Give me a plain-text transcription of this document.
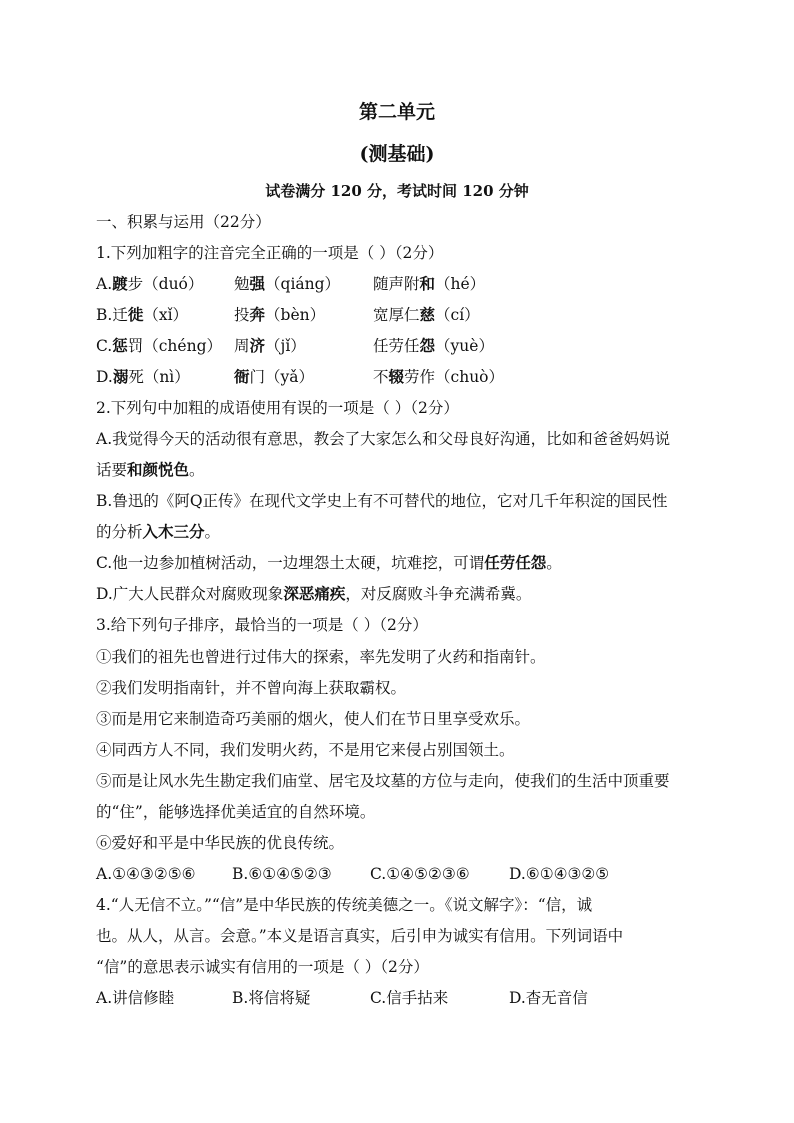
第二单元
(测基础)
试卷满分 120 分，考试时间 120 分钟
一、积累与运用（22分）
1.下列加粗字的注音完全正确的一项是（ ）（2分）
A.踱步（duó） 勉强（qiáng） 随声附和（hé）
B.迁徙（xǐ）	投奔（bèn）	宽厚仁慈（cí）
C.惩罚（chéng） 周济（jǐ）	任劳任怨（yuè）
D.溺死（nì）	衙门（yǎ）	不辍劳作（chuò）
2.下列句中加粗的成语使用有误的一项是（ ）（2分）
A.我觉得今天的活动很有意思，教会了大家怎么和父母良好沟通，比如和爸爸妈妈说
话要和颜悦色。
B.鲁迅的《阿Q正传》在现代文学史上有不可替代的地位，它对几千年积淀的国民性
的分析入木三分。
C.他一边参加植树活动，一边埋怨土太硬，坑难挖，可谓任劳任怨。
D.广大人民群众对腐败现象深恶痛疾，对反腐败斗争充满希冀。
3.给下列句子排序，最恰当的一项是（ ）（2分）
①我们的祖先也曾进行过伟大的探索，率先发明了火药和指南针。
②我们发明指南针，并不曾向海上获取霸权。
③而是用它来制造奇巧美丽的烟火，使人们在节日里享受欢乐。
④同西方人不同，我们发明火药，不是用它来侵占别国领土。
⑤而是让风水先生勘定我们庙堂、居宅及坟墓的方位与走向，使我们的生活中顶重要
的“住”，能够选择优美适宜的自然环境。
⑥爱好和平是中华民族的优良传统。
A.①④③②⑤⑥ B.⑥①④⑤②③ C.①④⑤②③⑥	D.⑥①④③②⑤
4.“人无信不立。”“信”是中华民族的传统美德之一。《说文解字》：“信，诚
也。从人，从言。会意。”本义是语言真实，后引申为诚实有信用。下列词语中
“信”的意思表示诚实有信用的一项是（ ）（2分）
A.讲信修睦	B.将信将疑	C.信手拈来	D.杳无音信
